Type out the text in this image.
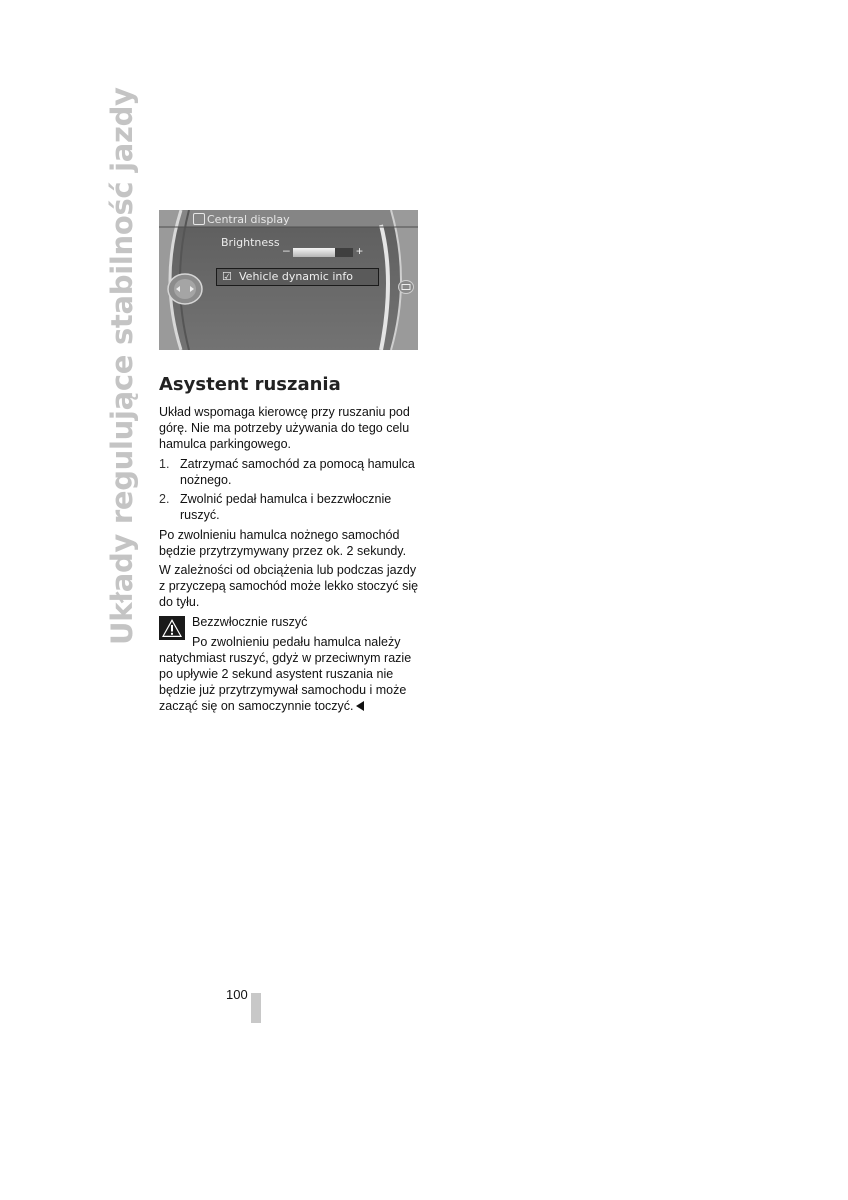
Układy regulujące stabilność jazdy	Central display
Brightness
–	+
☑ Vehicle dynamic info
Asystent ruszania

Układ wspomaga kierowcę przy ruszaniu pod górę. Nie ma potrzeby używania do tego celu hamulca parkingowego.

1. Zatrzymać samochód za pomocą hamulca nożnego.
2. Zwolnić pedał hamulca i bezzwłocznie ruszyć.

Po zwolnieniu hamulca nożnego samochód będzie przytrzymywany przez ok. 2 sekundy.

W zależności od obciążenia lub podczas jazdy z przyczepą samochód może lekko stoczyć się do tyłu.

Bezzwłocznie ruszyć
Po zwolnieniu pedału hamulca należy

natychmiast ruszyć, gdyż w przeciwnym razie po upływie 2 sekund asystent ruszania nie będzie już przytrzymywał samochodu i może zacząć się on samoczynnie toczyć.

100
